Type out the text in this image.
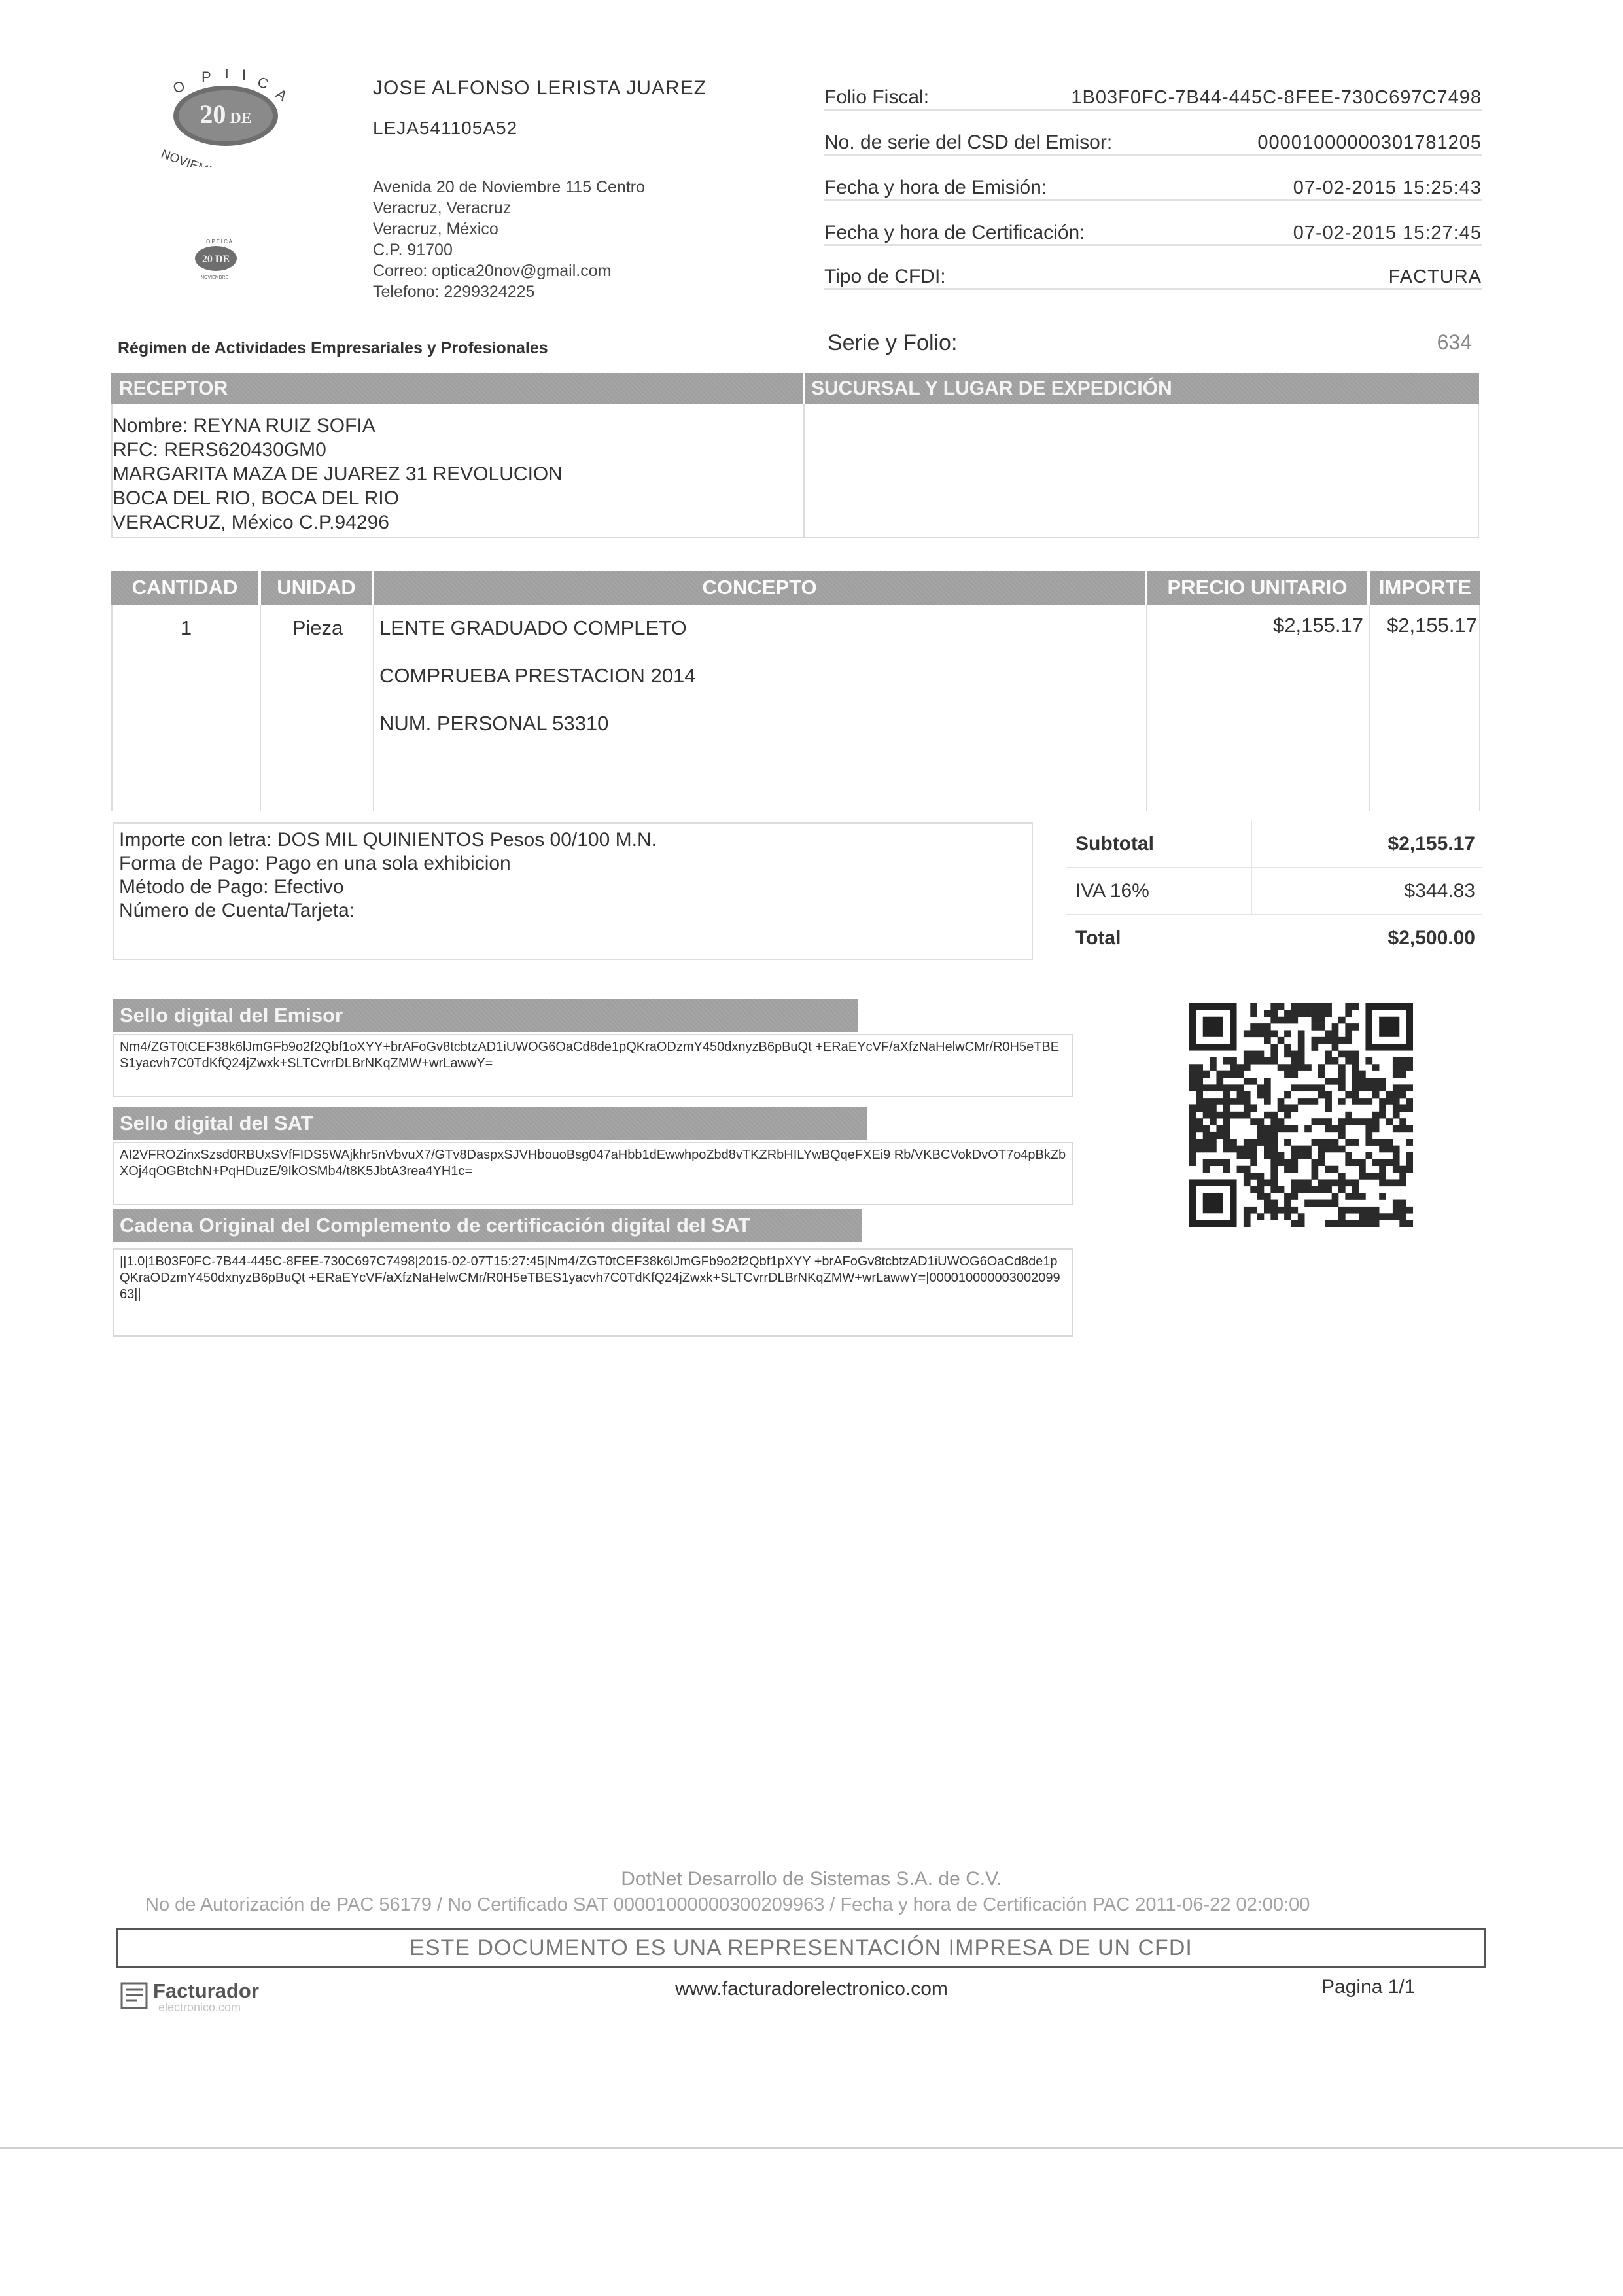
20 DE
O
P T I C
A
NOVIEMBRE
20 DE
O P T I C A
NOVIEMBRE
JOSE ALFONSO LERISTA JUAREZ
LEJA541105A52
Avenida 20 de Noviembre 115 Centro
Veracruz, Veracruz
Veracruz, México
C.P. 91700
Correo: optica20nov@gmail.com
Telefono: 2299324225
Régimen de Actividades Empresariales y Profesionales
Folio Fiscal:	1B03F0FC-7B44-445C-8FEE-730C697C7498
No. de serie del CSD del Emisor:	00001000000301781205
Fecha y hora de Emisión:	07-02-2015 15:25:43
Fecha y hora de Certificación:	07-02-2015 15:27:45
Tipo de CFDI:	FACTURA
Serie y Folio:	634
RECEPTOR	SUCURSAL Y LUGAR DE EXPEDICIÓN
Nombre: REYNA RUIZ SOFIA
RFC: RERS620430GM0
MARGARITA MAZA DE JUAREZ 31 REVOLUCION
BOCA DEL RIO, BOCA DEL RIO
VERACRUZ, México C.P.94296
CANTIDAD	UNIDAD	CONCEPTO	PRECIO UNITARIO	IMPORTE
1	Pieza	LENTE GRADUADO COMPLETO
COMPRUEBA PRESTACION 2014
NUM. PERSONAL 53310
$2,155.17	$2,155.17
Importe con letra: DOS MIL QUINIENTOS Pesos 00/100 M.N.
Forma de Pago: Pago en una sola exhibicion
Método de Pago: Efectivo
Número de Cuenta/Tarjeta:
Subtotal	$2,155.17
IVA 16%	$344.83
Total	$2,500.00
Sello digital del Emisor
Nm4/ZGT0tCEF38k6lJmGFb9o2f2Qbf1oXYY+brAFoGv8tcbtzAD1iUWOG6OaCd8de1pQKraODzmY450dxnyzB6pBuQt +ERaEYcVF/aXfzNaHelwCMr/R0H5eTBES1yacvh7C0TdKfQ24jZwxk+SLTCvrrDLBrNKqZMW+wrLawwY=
Sello digital del SAT
AI2VFROZinxSzsd0RBUxSVfFIDS5WAjkhr5nVbvuX7/GTv8DaspxSJVHbouoBsg047aHbb1dEwwhpoZbd8vTKZRbHILYwBQqeFXEi9 Rb/VKBCVokDvOT7o4pBkZbXOj4qOGBtchN+PqHDuzE/9IkOSMb4/t8K5JbtA3rea4YH1c=
Cadena Original del Complemento de certificación digital del SAT
||1.0|1B03F0FC-7B44-445C-8FEE-730C697C7498|2015-02-07T15:27:45|Nm4/ZGT0tCEF38k6lJmGFb9o2f2Qbf1pXYY +brAFoGv8tcbtzAD1iUWOG6OaCd8de1pQKraODzmY450dxnyzB6pBuQt +ERaEYcVF/aXfzNaHelwCMr/R0H5eTBES1yacvh7C0TdKfQ24jZwxk+SLTCvrrDLBrNKqZMW+wrLawwY=|00001000000300209963||
DotNet Desarrollo de Sistemas S.A. de C.V.
No de Autorización de PAC 56179 / No Certificado SAT 00001000000300209963 / Fecha y hora de Certificación PAC 2011-06-22 02:00:00
ESTE DOCUMENTO ES UNA REPRESENTACIÓN IMPRESA DE UN CFDI
Facturador
electronico.com
www.facturadorelectronico.com	Pagina 1/1
